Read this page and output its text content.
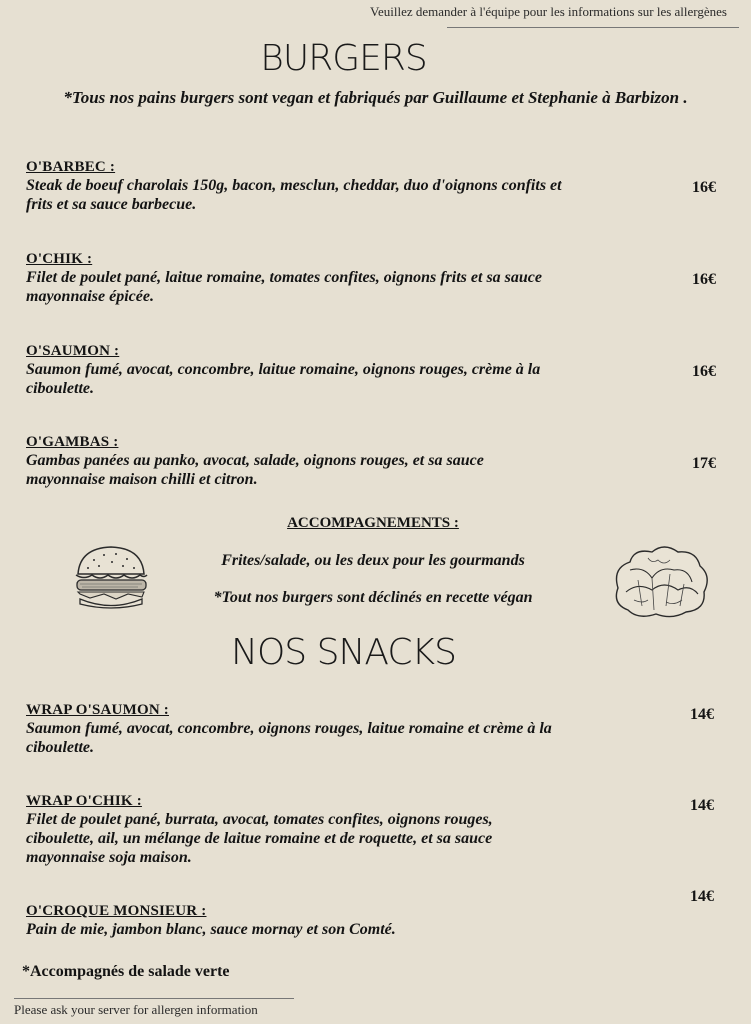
Veuillez demander à l'équipe pour les informations sur les allergènes
BURGERS
*Tous nos pains burgers sont vegan et fabriqués par Guillaume et Stephanie à Barbizon .
O'BARBEC :
Steak de boeuf charolais 150g, bacon, mesclun, cheddar, duo d'oignons confits et
frits et sa sauce barbecue.
16€
O'CHIK :
Filet de poulet pané, laitue romaine, tomates confites, oignons frits et sa sauce
mayonnaise épicée.
16€
O'SAUMON :
Saumon fumé, avocat, concombre, laitue romaine, oignons rouges, crème à la
ciboulette.
16€
O'GAMBAS :
Gambas panées au panko, avocat, salade, oignons rouges, et sa sauce
mayonnaise maison chilli et citron.
17€
ACCOMPAGNEMENTS :
Frites/salade, ou les deux pour les gourmands
*Tout nos burgers sont déclinés en recette végan
NOS SNACKS
WRAP O'SAUMON :
Saumon fumé, avocat, concombre, oignons rouges, laitue romaine et crème à la
ciboulette.
14€
WRAP O'CHIK :
Filet de poulet pané, burrata, avocat, tomates confites, oignons rouges,
ciboulette, ail, un mélange de laitue romaine et de roquette, et sa sauce
mayonnaise soja maison.
14€
O'CROQUE MONSIEUR :
Pain de mie, jambon blanc, sauce mornay et son Comté.
14€
*Accompagnés de salade verte
Please ask your server for allergen information
